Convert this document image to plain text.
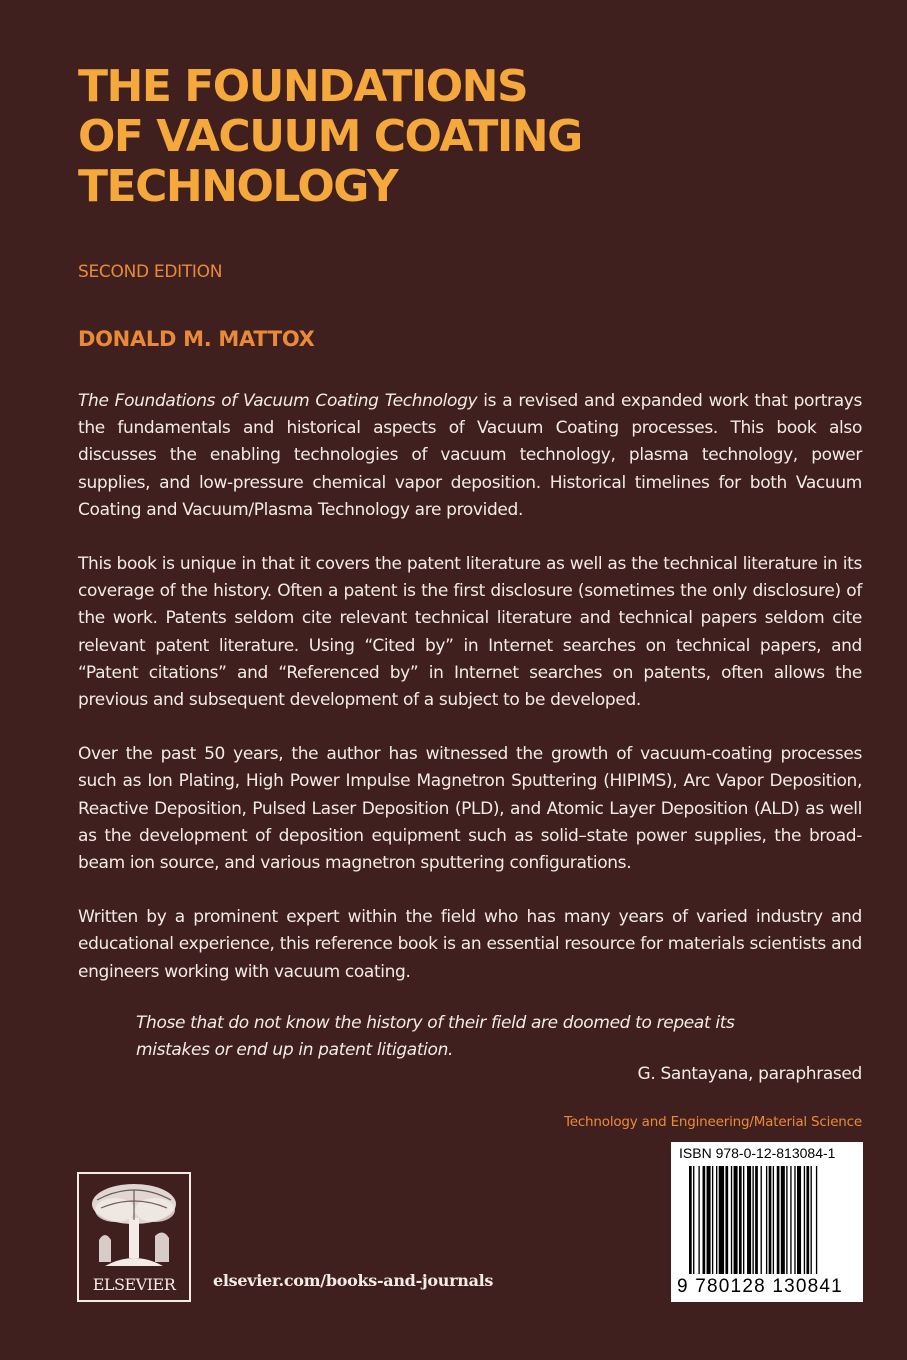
THE FOUNDATIONS
OF VACUUM COATING
TECHNOLOGY
SECOND EDITION
DONALD M. MATTOX

The Foundations of Vacuum Coating Technology is a revised and expanded work that portrays the fundamentals and historical aspects of Vacuum Coating processes. This book also discusses the enabling technologies of vacuum technology, plasma technology, power supplies, and low-pressure chemical vapor deposition. Historical timelines for both Vacuum Coating and Vacuum/Plasma Technology are provided.

This book is unique in that it covers the patent literature as well as the technical literature in its coverage of the history. Often a patent is the first disclosure (sometimes the only disclosure) of the work. Patents seldom cite relevant technical literature and technical papers seldom cite relevant patent literature. Using “Cited by” in Internet searches on technical papers, and “Patent citations” and “Referenced by” in Internet searches on patents, often allows the previous and subsequent development of a subject to be developed.

Over the past 50 years, the author has witnessed the growth of vacuum-coating processes such as Ion Plating, High Power Impulse Magnetron Sputtering (HIPIMS), Arc Vapor Deposition, Reactive Deposition, Pulsed Laser Deposition (PLD), and Atomic Layer Deposition (ALD) as well as the development of deposition equipment such as solid–state power supplies, the broad-beam ion source, and various magnetron sputtering configurations.

Written by a prominent expert within the field who has many years of varied industry and educational experience, this reference book is an essential resource for materials scientists and engineers working with vacuum coating.

Those that do not know the history of their field are doomed to repeat its mistakes or end up in patent litigation.
G. Santayana, paraphrased
Technology and Engineering/Material Science
ELSEVIER	elsevier.com/books-and-journals
ISBN 978-0-12-813084-1
9 780128 130841
